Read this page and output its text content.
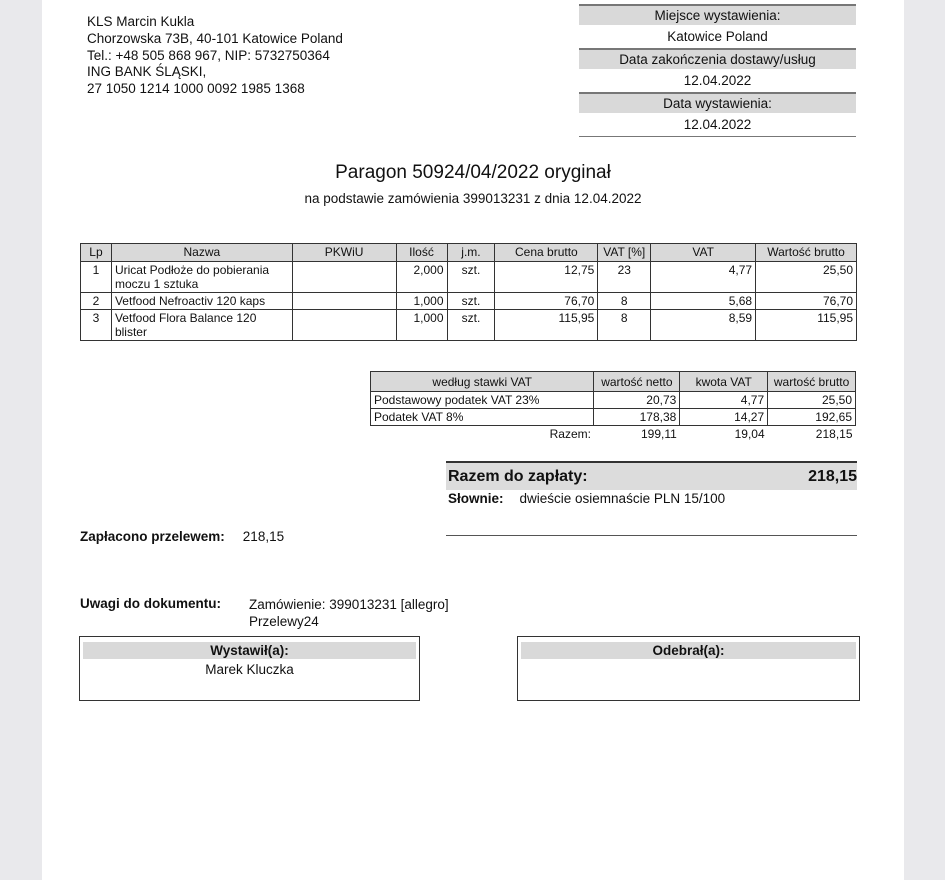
KLS Marcin Kukla
Chorzowska 73B, 40-101 Katowice Poland
Tel.: +48 505 868 967, NIP: 5732750364
ING BANK ŚLĄSKI,
27 1050 1214 1000 0092 1985 1368
Miejsce wystawienia:
Katowice Poland
Data zakończenia dostawy/usług
12.04.2022
Data wystawienia:
12.04.2022
Paragon 50924/04/2022 oryginał
na podstawie zamówienia 399013231 z dnia 12.04.2022
Lp	Nazwa	PKWiU	Ilość	j.m.	Cena brutto	VAT [%]	VAT	Wartość brutto
1	Uricat Podłoże do pobierania moczu 1 sztuka		2,000	szt.	12,75	23	4,77	25,50
2	Vetfood Nefroactiv 120 kaps		1,000	szt.	76,70	8	5,68	76,70
3	Vetfood Flora Balance 120 blister		1,000	szt.	115,95	8	8,59	115,95
według stawki VAT	wartość netto	kwota VAT	wartość brutto
Podstawowy podatek VAT 23%	20,73	4,77	25,50
Podatek VAT 8%	178,38	14,27	192,65
Razem:	199,11	19,04	218,15
Razem do zapłaty:	218,15
Słownie: dwieście osiemnaście PLN 15/100
Zapłacono przelewem: 218,15
Uwagi do dokumentu: Zamówienie: 399013231 [allegro]
Przelewy24
Wystawił(a):
Marek Kluczka
Odebrał(a):
